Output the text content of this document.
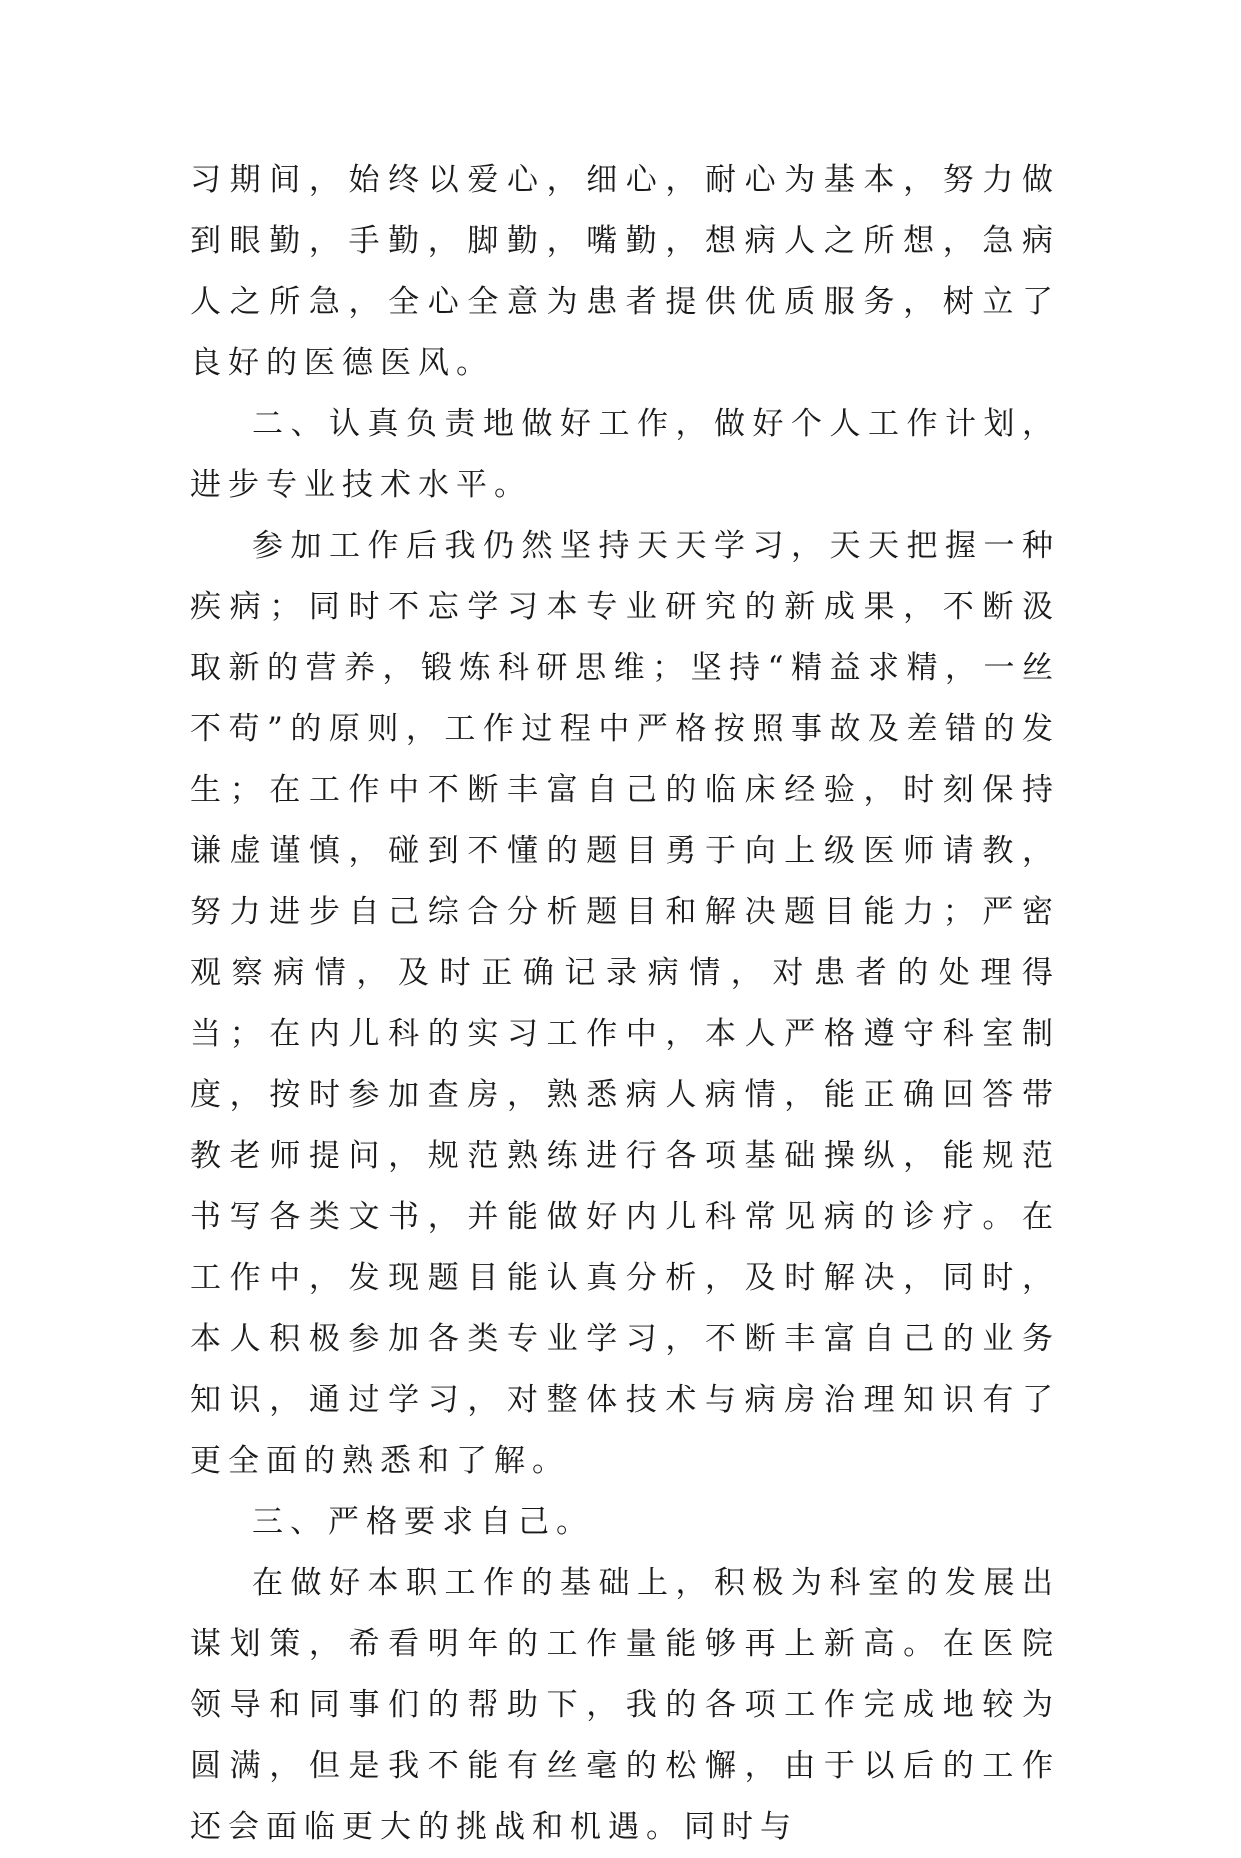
习期间，始终以爱心，细心，耐心为基本，努力做到眼勤，手勤，脚勤，嘴勤，想病人之所想，急病人之所急，全心全意为患者提供优质服务，树立了良好的医德医风。

二、认真负责地做好工作，做好个人工作计划，进步专业技术水平。

参加工作后我仍然坚持天天学习，天天把握一种疾病；同时不忘学习本专业研究的新成果，不断汲取新的营养，锻炼科研思维；坚持“精益求精，一丝不苟”的原则，工作过程中严格按照事故及差错的发生；在工作中不断丰富自己的临床经验，时刻保持谦虚谨慎，碰到不懂的题目勇于向上级医师请教，努力进步自己综合分析题目和解决题目能力；严密观察病情，及时正确记录病情，对患者的处理得当；在内儿科的实习工作中，本人严格遵守科室制度，按时参加查房，熟悉病人病情，能正确回答带教老师提问，规范熟练进行各项基础操纵，能规范书写各类文书，并能做好内儿科常见病的诊疗。在工作中，发现题目能认真分析，及时解决，同时，本人积极参加各类专业学习，不断丰富自己的业务知识，通过学习，对整体技术与病房治理知识有了更全面的熟悉和了解。

三、严格要求自己。

在做好本职工作的基础上，积极为科室的发展出谋划策，希看明年的工作量能够再上新高。在医院领导和同事们的帮助下，我的各项工作完成地较为圆满，但是我不能有丝毫的松懈，由于以后的工作还会面临更大的挑战和机遇。同时与
